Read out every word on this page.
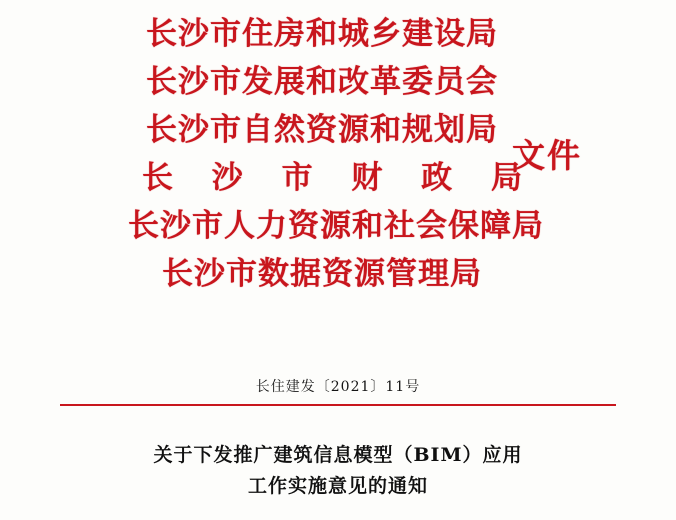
长沙市住房和城乡建设局
长沙市发展和改革委员会
长沙市自然资源和规划局
长 沙 市 财 政 局
长沙市人力资源和社会保障局
长沙市数据资源管理局
文件
长住建发〔2021〕11号
关于下发推广建筑信息模型（BIM）应用
工作实施意见的通知
